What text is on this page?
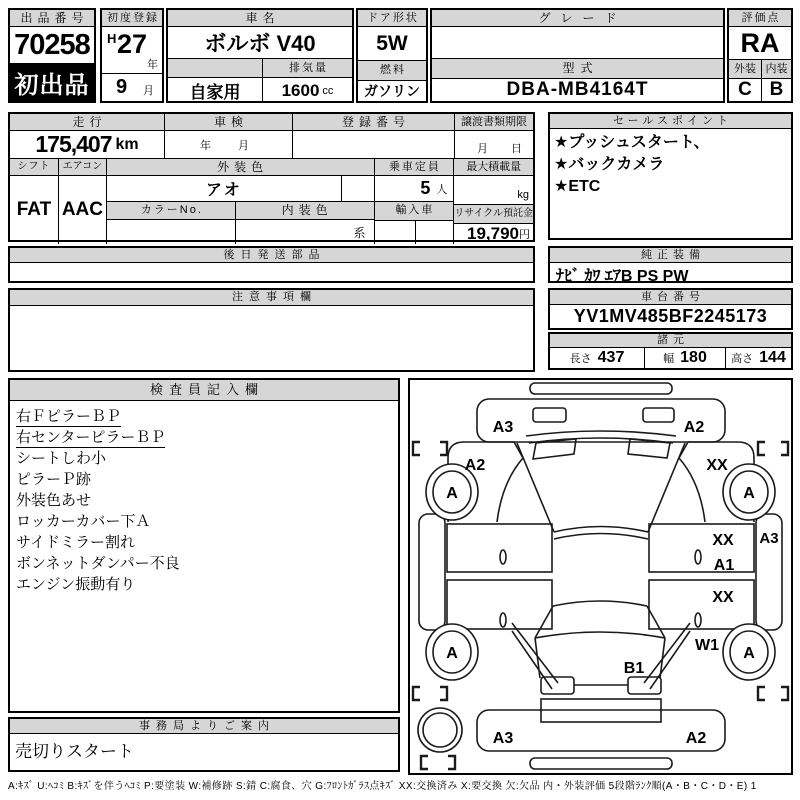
出品番号
70258
初出品
初度登録
H 27
年
9 月
車名
ボルボ V40
排気量
自家用	1600 cc
ドア形状
5W
燃料
ガソリン
グレード
型式
DBA-MB4164T
評価点
RA
外装 内装
C B
走行
175,407 km
車検
年　月
登録番号	譲渡書類期限
月　日
シフト
FAT
エアコン
AAC
外装色
アオ
カラーNo.	内装色
系
乗車定員
5 人
輸入車
最大積載量
kg
リサイクル預託金
19,790 円
後日発送部品
注意事項欄
セールスポイント
★プッシュスタート、
★バックカメラ
★ETC
純正装備
ﾅﾋﾞ ｶﾜ ｴｱB PS PW
車台番号
YV1MV485BF2245173
諸元
長さ 437	幅 180 高さ 144
検査員記入欄
右ＦピラーＢＰ
右センターピラーＢＰ
シートしわ小
ピラーＰ跡
外装色あせ
ロッカーカバー下Ａ
サイドミラー割れ
ボンネットダンパー不良
エンジン振動有り
事務局よりご案内
売切りスタート
A3	A2
A2	XX
A	A
XX
A1
A3
XX
W1
A	A
B1
A3	A2
A:ｷｽﾞ U:ﾍｺﾐ B:ｷｽﾞを伴うﾍｺﾐ P:要塗装 W:補修跡 S:錆 C:腐食、穴 G:ﾌﾛﾝﾄｶﾞﾗｽ点ｷｽﾞ XX:交換済み X:要交換 欠:欠品 内・外装評価 5段階ﾗﾝｸ順(A・B・C・D・E) 1
